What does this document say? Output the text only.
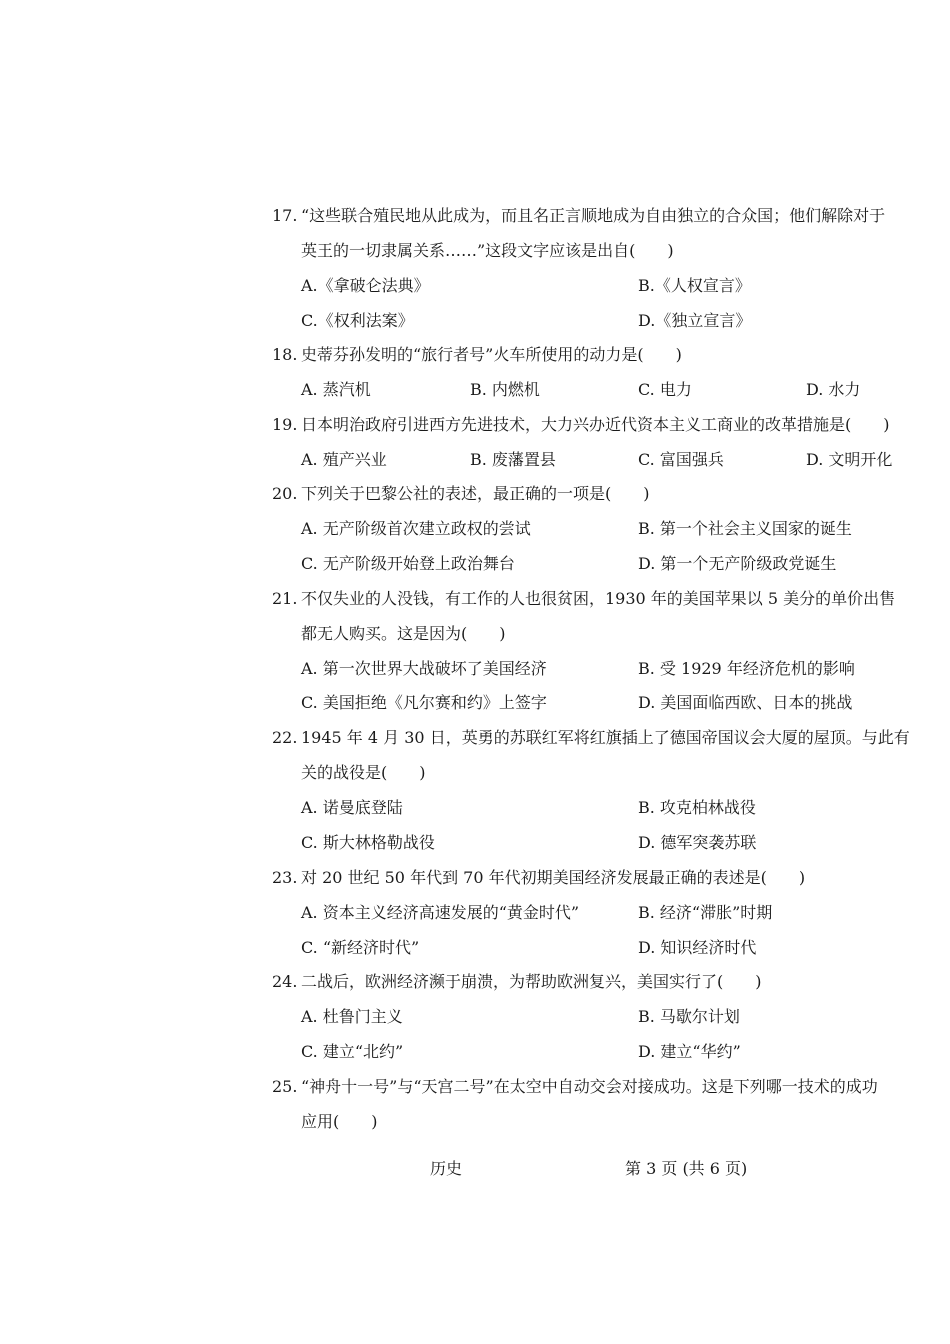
17. “这些联合殖民地从此成为，而且名正言顺地成为自由独立的合众国；他们解除对于
英王的一切隶属关系……”这段文字应该是出自(　　)
A.《拿破仑法典》	B.《人权宣言》
C.《权利法案》	D.《独立宣言》
18. 史蒂芬孙发明的“旅行者号”火车所使用的动力是(　　)
A. 蒸汽机	B. 内燃机	C. 电力	D. 水力
19. 日本明治政府引进西方先进技术，大力兴办近代资本主义工商业的改革措施是(　　)
A. 殖产兴业	B. 废藩置县	C. 富国强兵	D. 文明开化
20. 下列关于巴黎公社的表述，最正确的一项是(　　)
A. 无产阶级首次建立政权的尝试	B. 第一个社会主义国家的诞生
C. 无产阶级开始登上政治舞台	D. 第一个无产阶级政党诞生
21. 不仅失业的人没钱，有工作的人也很贫困，1930 年的美国苹果以 5 美分的单价出售
都无人购买。这是因为(　　)
A. 第一次世界大战破坏了美国经济	B. 受 1929 年经济危机的影响
C. 美国拒绝《凡尔赛和约》上签字	D. 美国面临西欧、日本的挑战
22. 1945 年 4 月 30 日，英勇的苏联红军将红旗插上了德国帝国议会大厦的屋顶。与此有
关的战役是(　　)
A. 诺曼底登陆	B. 攻克柏林战役
C. 斯大林格勒战役	D. 德军突袭苏联
23. 对 20 世纪 50 年代到 70 年代初期美国经济发展最正确的表述是(　　)
A. 资本主义经济高速发展的“黄金时代”	B. 经济“滞胀”时期
C. “新经济时代”	D. 知识经济时代
24. 二战后，欧洲经济濒于崩溃，为帮助欧洲复兴，美国实行了(　　)
A. 杜鲁门主义	B. 马歇尔计划
C. 建立“北约”	D. 建立“华约”
25. “神舟十一号”与“天宫二号”在太空中自动交会对接成功。这是下列哪一技术的成功
应用(　　)
历史	第 3 页 (共 6 页)
